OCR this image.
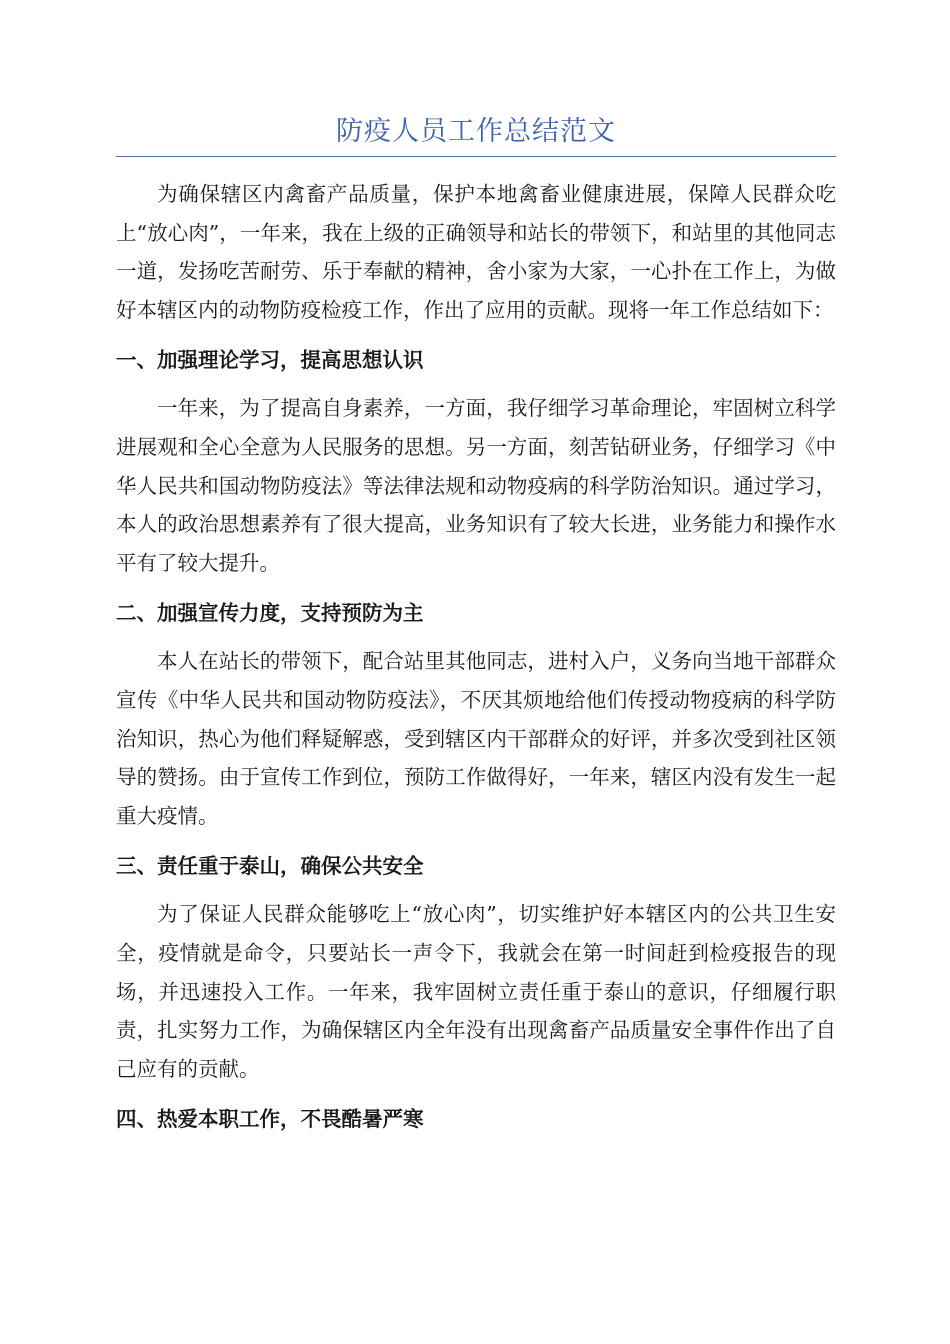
防疫人员工作总结范文

为确保辖区内禽畜产品质量，保护本地禽畜业健康进展，保障人民群众吃上“放心肉”，一年来，我在上级的正确领导和站长的带领下，和站里的其他同志一道，发扬吃苦耐劳、乐于奉献的精神，舍小家为大家，一心扑在工作上，为做好本辖区内的动物防疫检疫工作，作出了应用的贡献。现将一年工作总结如下：

一、加强理论学习，提高思想认识

一年来，为了提高自身素养，一方面，我仔细学习革命理论，牢固树立科学进展观和全心全意为人民服务的思想。另一方面，刻苦钻研业务，仔细学习《中华人民共和国动物防疫法》等法律法规和动物疫病的科学防治知识。通过学习，本人的政治思想素养有了很大提高，业务知识有了较大长进，业务能力和操作水平有了较大提升。

二、加强宣传力度，支持预防为主

本人在站长的带领下，配合站里其他同志，进村入户，义务向当地干部群众宣传《中华人民共和国动物防疫法》，不厌其烦地给他们传授动物疫病的科学防治知识，热心为他们释疑解惑，受到辖区内干部群众的好评，并多次受到社区领导的赞扬。由于宣传工作到位，预防工作做得好，一年来，辖区内没有发生一起重大疫情。

三、责任重于泰山，确保公共安全

为了保证人民群众能够吃上“放心肉”，切实维护好本辖区内的公共卫生安全，疫情就是命令，只要站长一声令下，我就会在第一时间赶到检疫报告的现场，并迅速投入工作。一年来，我牢固树立责任重于泰山的意识，仔细履行职责，扎实努力工作，为确保辖区内全年没有出现禽畜产品质量安全事件作出了自己应有的贡献。

四、热爱本职工作，不畏酷暑严寒
